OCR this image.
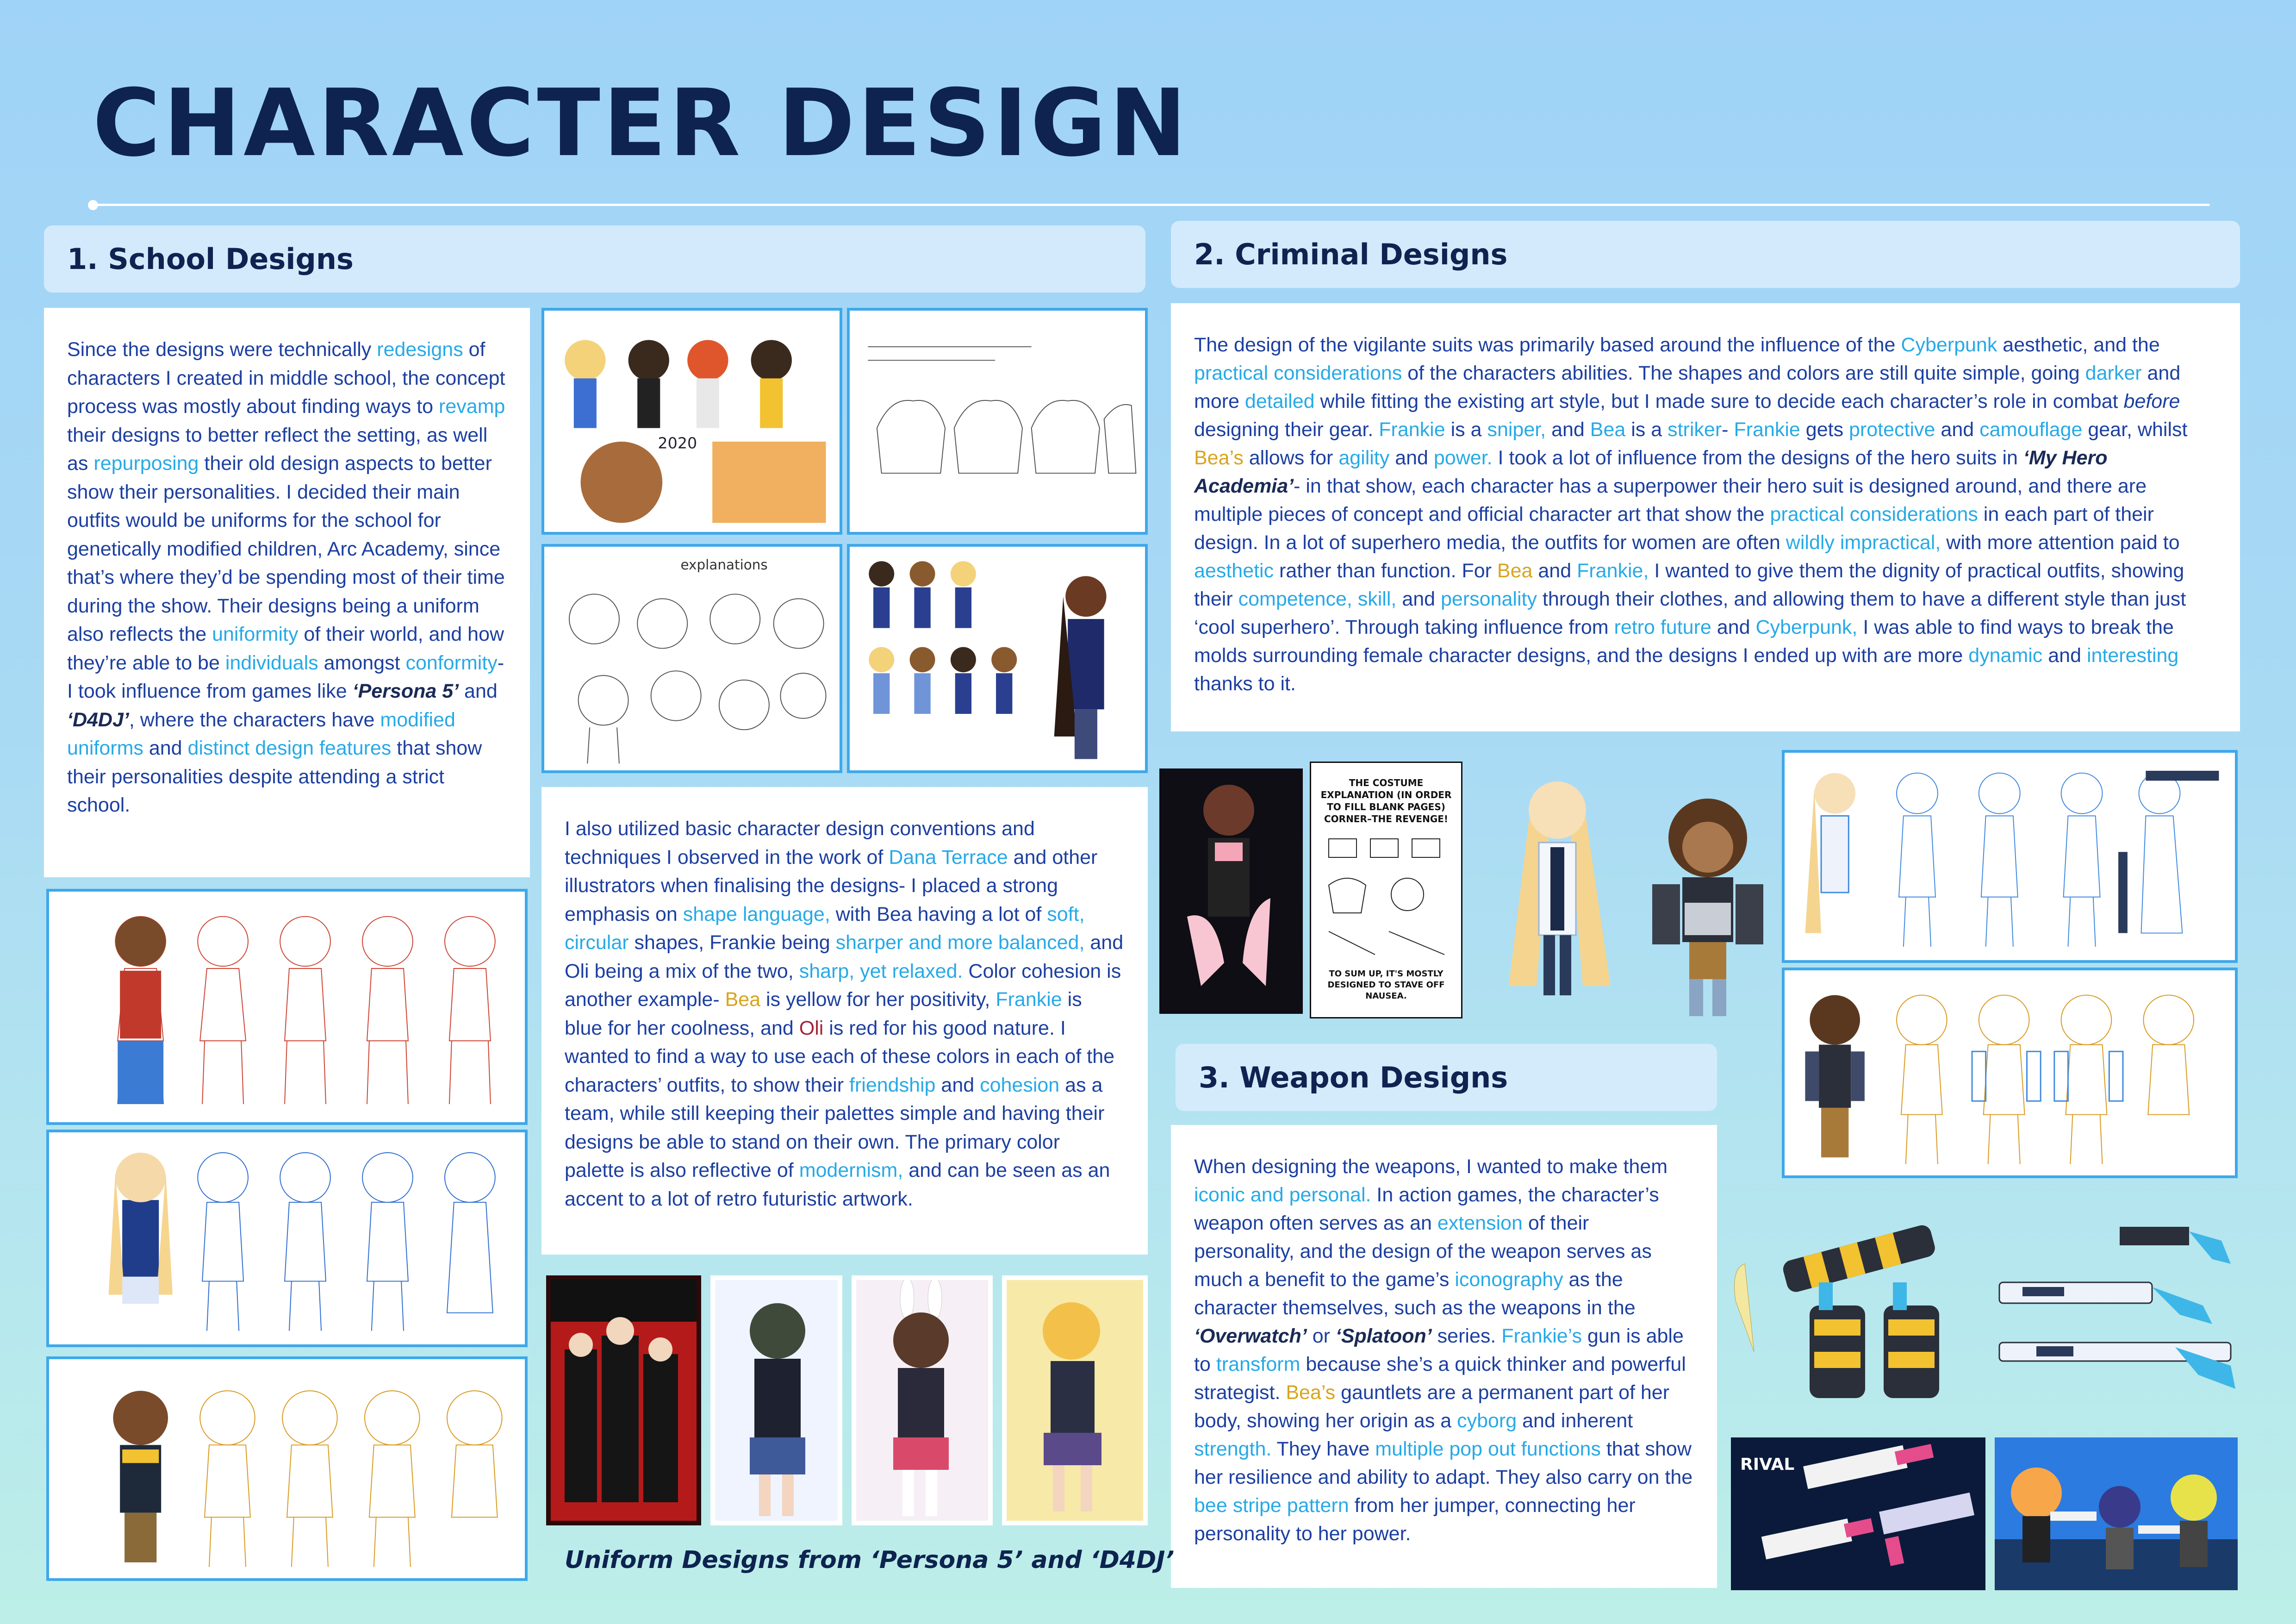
CHARACTER DESIGN
1. School Designs	2. Criminal Designs
3. Weapon Designs
Since the designs were technically redesigns of characters I created in middle school, the concept process was mostly about finding ways to revamp their designs to better reflect the setting, as well as repurposing their old design aspects to better show their personalities. I decided their main outfits would be uniforms for the school for genetically modified children, Arc Academy, since that’s where they’d be spending most of their time during the show. Their designs being a uniform also reflects the uniformity of their world, and how they’re able to be individuals amongst conformity- I took influence from games like ‘Persona 5’ and ‘D4DJ’, where the characters have modified uniforms and distinct design features that show their personalities despite attending a strict school.
I also utilized basic character design conventions and techniques I observed in the work of Dana Terrace and other illustrators when finalising the designs- I placed a strong emphasis on shape language, with Bea having a lot of soft, circular shapes, Frankie being sharper and more balanced, and Oli being a mix of the two, sharp, yet relaxed. Color cohesion is another example- Bea is yellow for her positivity, Frankie is blue for her coolness, and Oli is red for his good nature. I wanted to find a way to use each of these colors in each of the characters’ outfits, to show their friendship and cohesion as a team, while still keeping their palettes simple and having their designs be able to stand on their own. The primary color palette is also reflective of modernism, and can be seen as an accent to a lot of retro futuristic artwork.
The design of the vigilante suits was primarily based around the influence of the Cyberpunk aesthetic, and the practical considerations of the characters abilities. The shapes and colors are still quite simple, going darker and more detailed while fitting the existing art style, but I made sure to decide each character’s role in combat before designing their gear. Frankie is a sniper, and Bea is a striker- Frankie gets protective and camouflage gear, whilst Bea’s allows for agility and power. I took a lot of influence from the designs of the hero suits in ‘My Hero Academia’- in that show, each character has a superpower their hero suit is designed around, and there are multiple pieces of concept and official character art that show the practical considerations in each part of their design. In a lot of superhero media, the outfits for women are often wildly impractical, with more attention paid to aesthetic rather than function. For Bea and Frankie, I wanted to give them the dignity of practical outfits, showing their competence, skill, and personality through their clothes, and allowing them to have a different style than just ‘cool superhero’. Through taking influence from retro future and Cyberpunk, I was able to find ways to break the molds surrounding female character designs, and the designs I ended up with are more dynamic and interesting thanks to it.
When designing the weapons, I wanted to make them iconic and personal. In action games, the character’s weapon often serves as an extension of their personality, and the design of the weapon serves as much a benefit to the game’s iconography as the character themselves, such as the weapons in the ‘Overwatch’ or ‘Splatoon’ series. Frankie’s gun is able to transform because she’s a quick thinker and powerful strategist. Bea’s gauntlets are a permanent part of her body, showing her origin as a cyborg and inherent strength. They have multiple pop out functions that show her resilience and ability to adapt. They also carry on the bee stripe pattern from her jumper, connecting her personality to her power.
2020
explanations

Uniform Designs from ‘Persona 5’ and ‘D4DJ’

THE COSTUME EXPLANATION (IN ORDER TO FILL BLANK PAGES) CORNER–THE REVENGE!
TO SUM UP, IT'S MOSTLY DESIGNED TO STAVE OFF NAUSEA.
RIVAL
